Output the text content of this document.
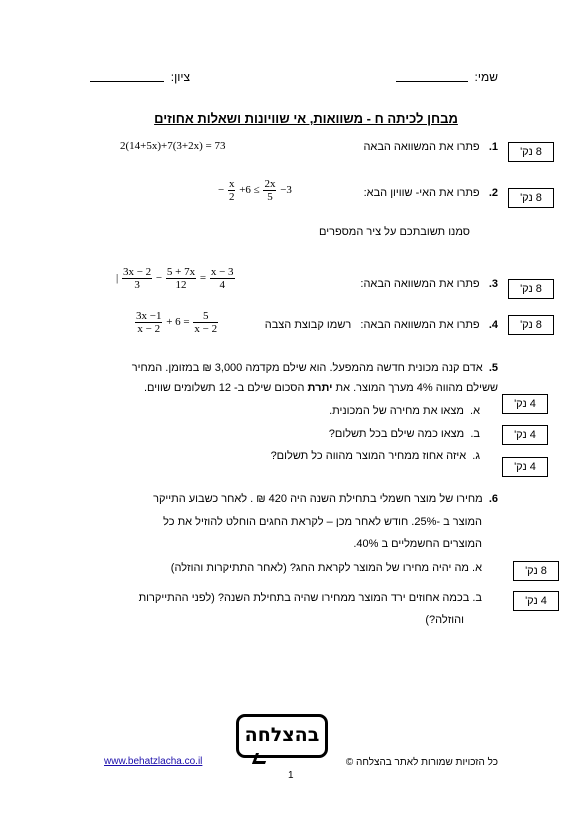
שמי:
ציון:
מבחן לכיתה ח - משוואות, אי שוויונות ושאלות אחוזים
1.   פתרו את המשוואה הבאה
2(14+5x)+7(3+2x) = 73	8 נק'
2.   פתרו את האי- שוויון הבא:
− $\frac{x}{2} +6 \le \frac{2x}{5} -3$
8 נק'
סמנו תשובתכם על ציר המספרים
3.   פתרו את המשוואה הבאה:
| $\frac{3x - 2}{3} - \frac{5 + 7x}{12} = \frac{x - 3}{4}$	8 נק'
4.   פתרו את המשוואה הבאה:   רשמו קבוצת הצבה
$\frac{3x -1}{x - 2} + 6 = \frac{5}{x - 2}$	8 נק'
5.  אדם קנה מכונית חדשה מהמפעל. הוא שילם מקדמה 3,000 ₪ במזומן. המחיר
ששילם מהווה 4% מערך המוצר. את יתרת הסכום שילם ב- 12 תשלומים שווים.
א.  מצאו את מחירה של המכונית.
4 נק'
ב.  מצאו כמה שילם בכל תשלום?	4 נק'
ג.  איזה אחוז ממחיר המוצר מהווה כל תשלום?
4 נק'
6.  מחירו של מוצר חשמלי בתחילת השנה היה 420 ₪ . לאחר כשבוע התייקר
המוצר ב -25%. חודש לאחר מכן – לקראת החגים הוחלט להוזיל את כל
המוצרים החשמליים ב 40%.
א. מה יהיה מחירו של המוצר לקראת החג? (לאחר התתיקרות והוזלה)	8 נק'
ב. בכמה אחוזים ירד המוצר ממחירו שהיה בתחילת השנה? (לפני ההתייקרות
והוזלה?)
4 נק'
בהצלחה
כל הזכויות שמורות לאתר בהצלחה ©
www.behatzlacha.co.il
1
